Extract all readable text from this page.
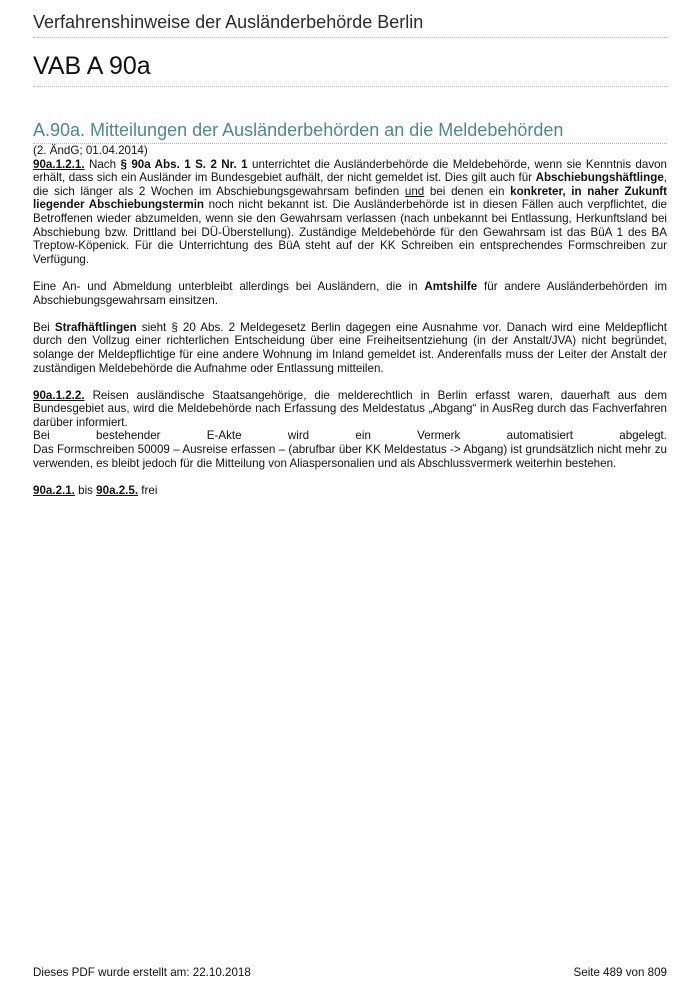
Verfahrenshinweise der Ausländerbehörde Berlin
VAB A 90a
A.90a. Mitteilungen der Ausländerbehörden an die Meldebehörden

(2. ÄndG; 01.04.2014)

90a.1.2.1. Nach § 90a Abs. 1 S. 2 Nr. 1 unterrichtet die Ausländerbehörde die Meldebehörde, wenn sie Kenntnis davon erhält, dass sich ein Ausländer im Bundesgebiet aufhält, der nicht gemeldet ist. Dies gilt auch für Abschiebungshäftlinge, die sich länger als 2 Wochen im Abschiebungsgewahrsam befinden und bei denen ein konkreter, in naher Zukunft liegender Abschiebungstermin noch nicht bekannt ist. Die Ausländerbehörde ist in diesen Fällen auch verpflichtet, die Betroffenen wieder abzumelden, wenn sie den Gewahrsam verlassen (nach unbekannt bei Entlassung, Herkunftsland bei Abschiebung bzw. Drittland bei DÜ-Überstellung). Zuständige Meldebehörde für den Gewahrsam ist das BüA 1 des BA Treptow-Köpenick. Für die Unterrichtung des BüA steht auf der KK Schreiben ein entsprechendes Formschreiben zur Verfügung.

Eine An- und Abmeldung unterbleibt allerdings bei Ausländern, die in Amtshilfe für andere Ausländerbehörden im Abschiebungsgewahrsam einsitzen.

Bei Strafhäftlingen sieht § 20 Abs. 2 Meldegesetz Berlin dagegen eine Ausnahme vor. Danach wird eine Meldepflicht durch den Vollzug einer richterlichen Entscheidung über eine Freiheitsentziehung (in der Anstalt/JVA) nicht begründet, solange der Meldepflichtige für eine andere Wohnung im Inland gemeldet ist. Anderenfalls muss der Leiter der Anstalt der zuständigen Meldebehörde die Aufnahme oder Entlassung mitteilen.

90a.1.2.2. Reisen ausländische Staatsangehörige, die melderechtlich in Berlin erfasst waren, dauerhaft aus dem Bundesgebiet aus, wird die Meldebehörde nach Erfassung des Meldestatus „Abgang“ in AusReg durch das Fachverfahren darüber informiert.

Bei bestehender E-Akte wird ein Vermerk automatisiert abgelegt.

Das Formschreiben 50009 – Ausreise erfassen – (abrufbar über KK Meldestatus -> Abgang) ist grundsätzlich nicht mehr zu verwenden, es bleibt jedoch für die Mitteilung von Aliaspersonalien und als Abschlussvermerk weiterhin bestehen.

90a.2.1. bis 90a.2.5. frei

Dieses PDF wurde erstellt am: 22.10.2018	Seite 489 von 809
